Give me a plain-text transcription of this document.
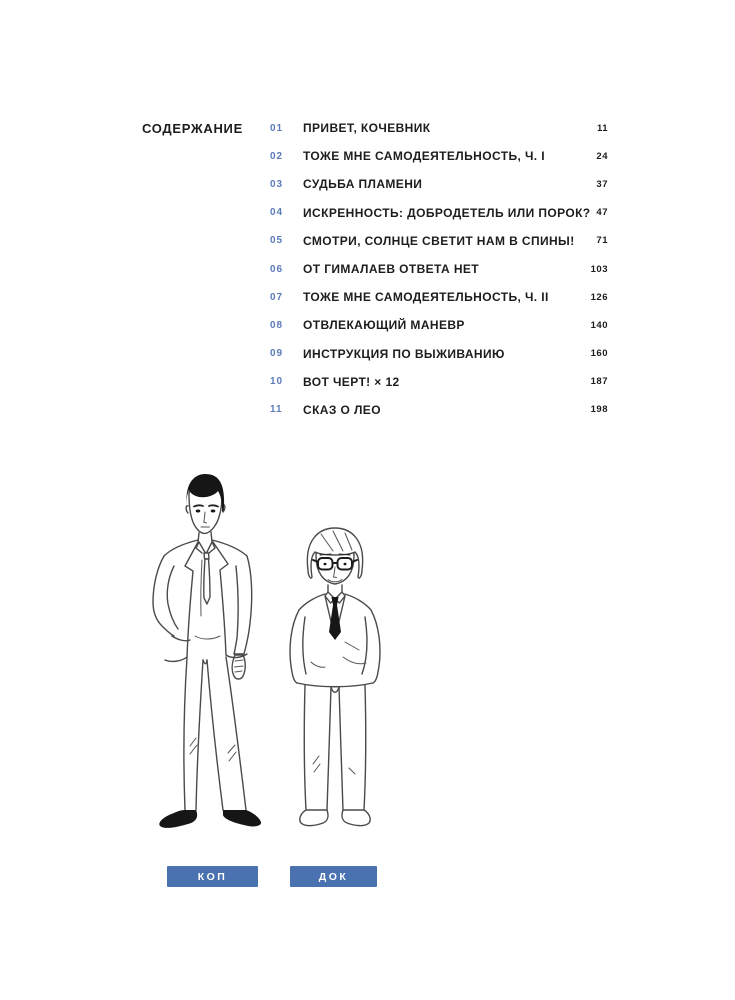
СОДЕРЖАНИЕ	01	ПРИВЕТ, КОЧЕВНИК	11
02	ТОЖЕ МНЕ САМОДЕЯТЕЛЬНОСТЬ, Ч. I	24
03	СУДЬБА ПЛАМЕНИ	37
04	ИСКРЕННОСТЬ: ДОБРОДЕТЕЛЬ ИЛИ ПОРОК? 47
05	СМОТРИ, СОЛНЦЕ СВЕТИТ НАМ В СПИНЫ!	71
06	ОТ ГИМАЛАЕВ ОТВЕТА НЕТ	103
07	ТОЖЕ МНЕ САМОДЕЯТЕЛЬНОСТЬ, Ч. II	126
08	ОТВЛЕКАЮЩИЙ МАНЕВР	140
09	ИНСТРУКЦИЯ ПО ВЫЖИВАНИЮ	160
10	ВОТ ЧЕРТ! × 12	187
11	СКАЗ О ЛЕО	198
КОП	ДОК
